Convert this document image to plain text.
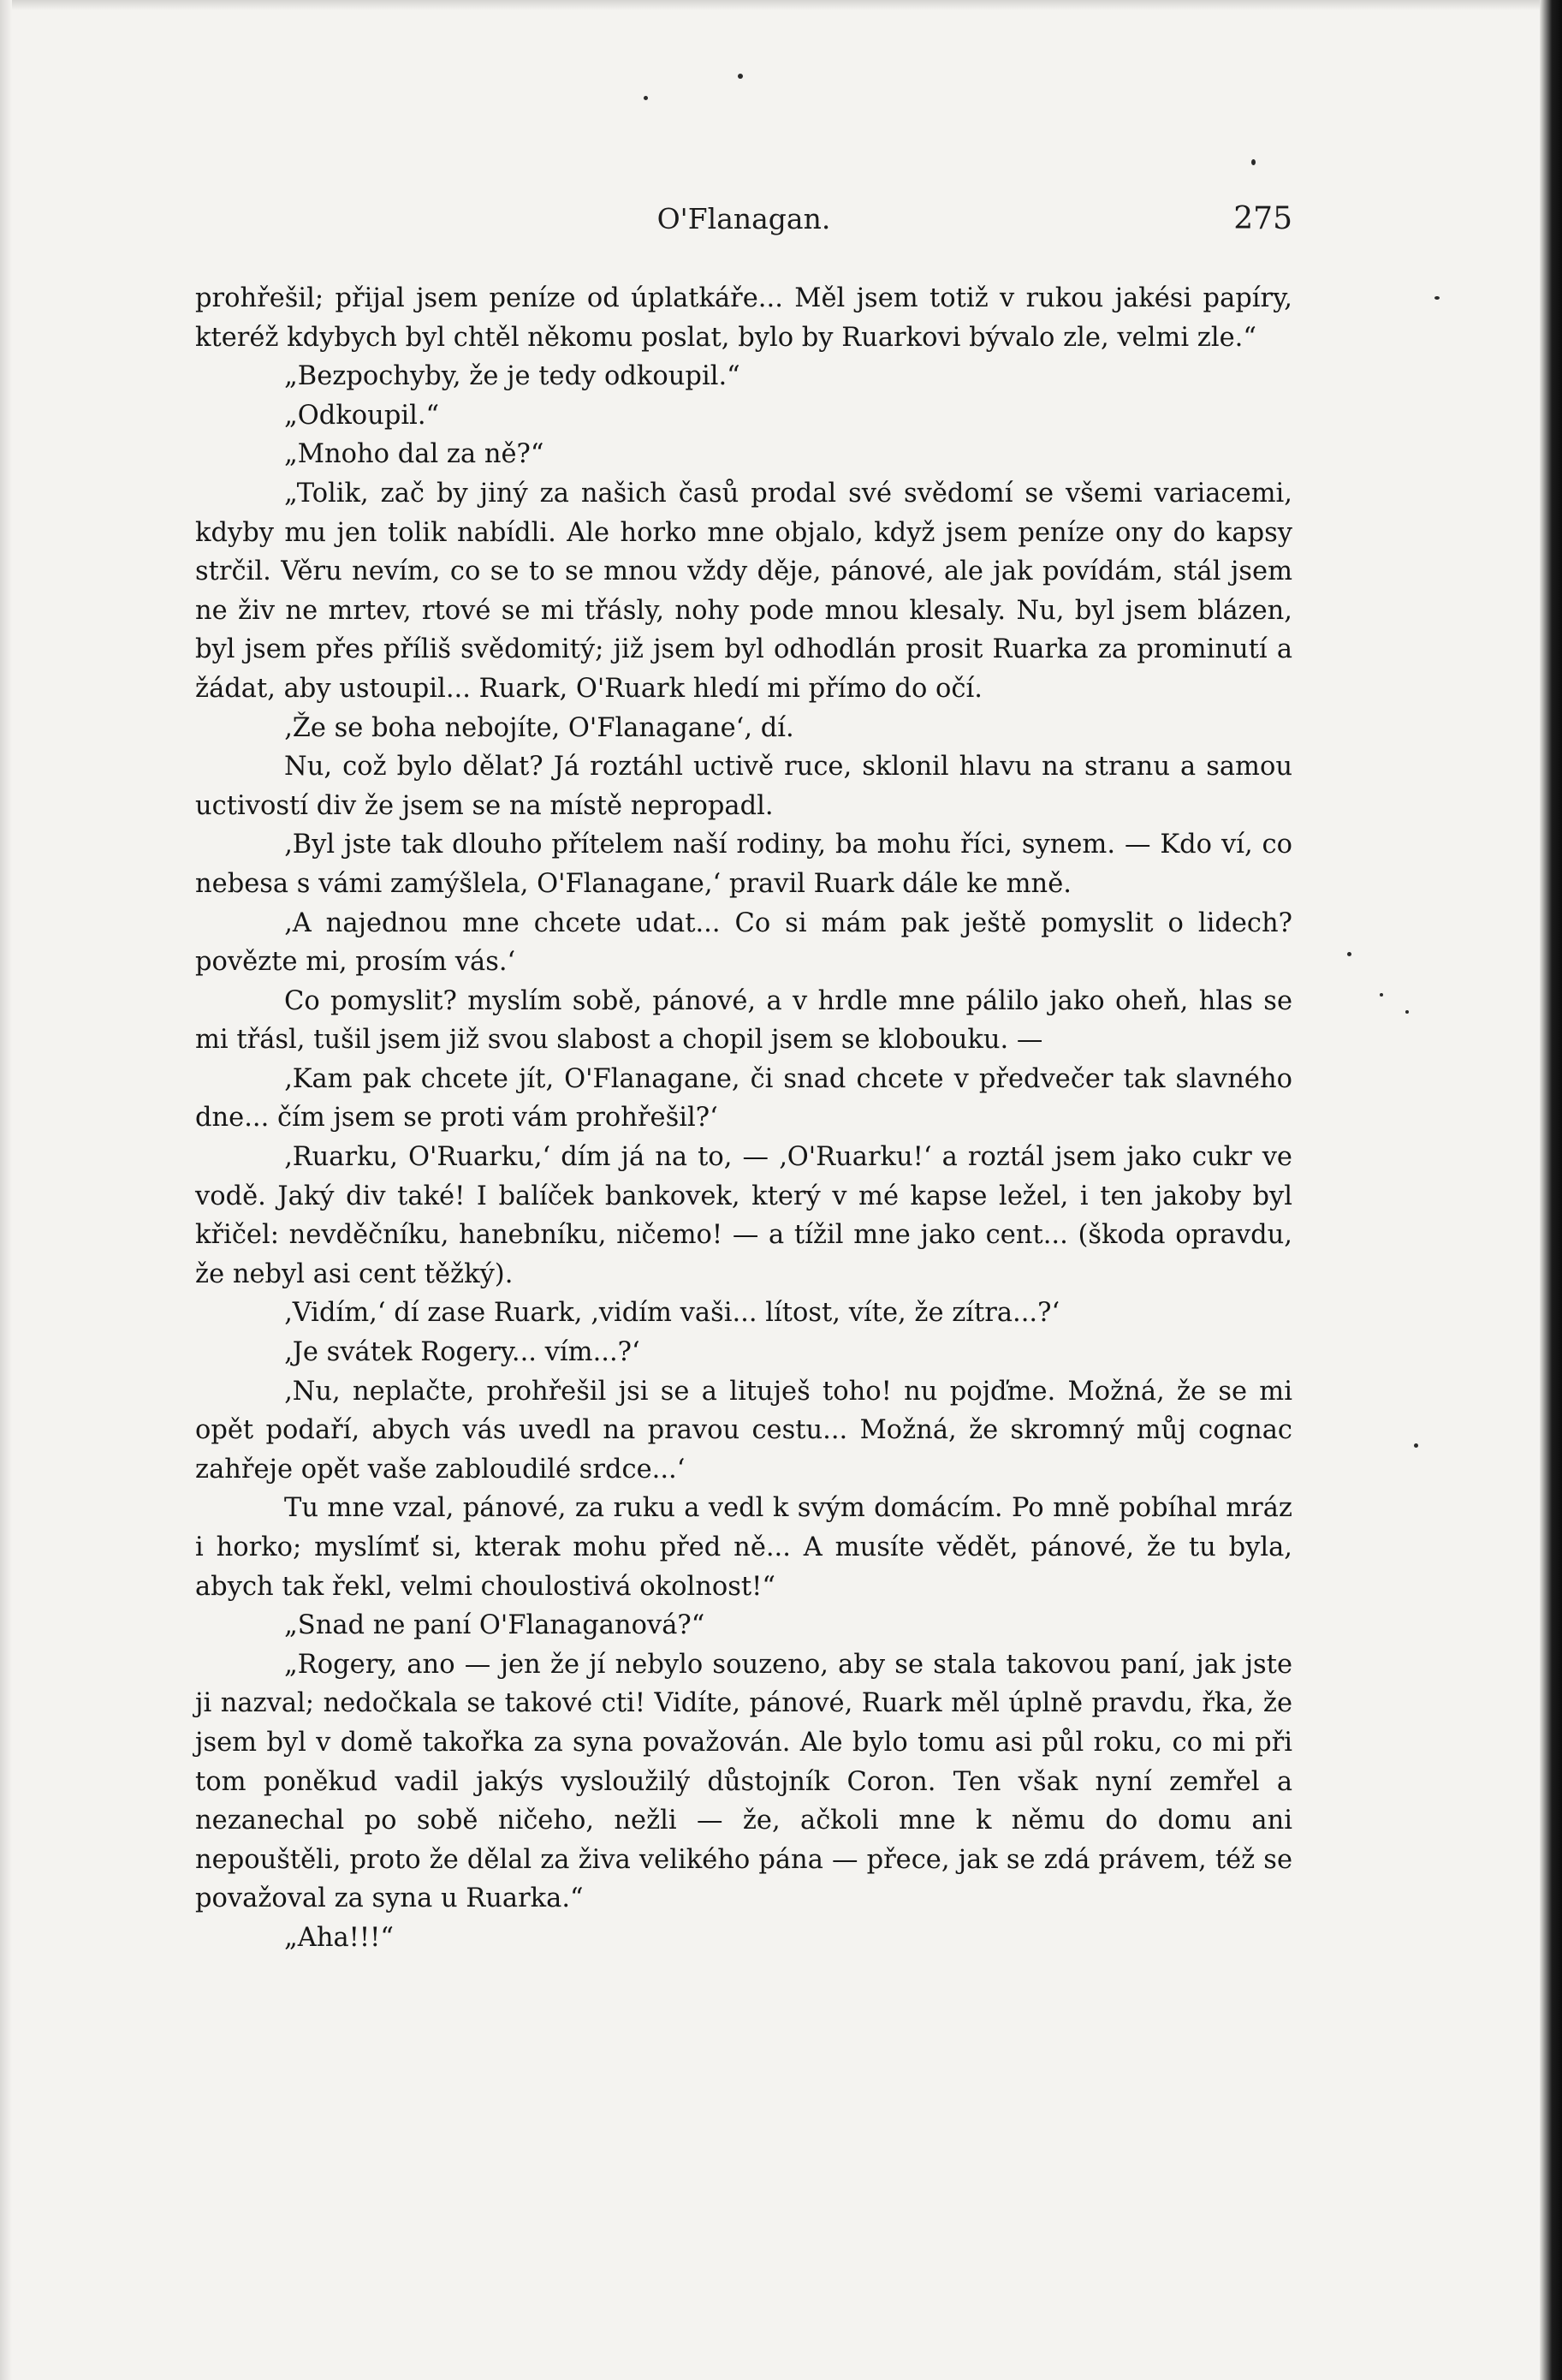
O'Flanagan.	275

prohřešil; přijal jsem peníze od úplatkáře... Měl jsem totiž v rukou jakési papíry, kteréž kdybych byl chtěl někomu poslat, bylo by Ruarkovi bývalo zle, velmi zle.“

„Bezpochyby, že je tedy odkoupil.“

„Odkoupil.“

„Mnoho dal za ně?“

„Tolik, zač by jiný za našich časů prodal své svědomí se všemi variacemi, kdyby mu jen tolik nabídli. Ale horko mne objalo, když jsem peníze ony do kapsy strčil. Věru nevím, co se to se mnou vždy děje, pánové, ale jak povídám, stál jsem ne živ ne mrtev, rtové se mi třásly, nohy pode mnou klesaly. Nu, byl jsem blázen, byl jsem přes příliš svědomitý; již jsem byl odhodlán prosit Ruarka za prominutí a žádat, aby ustoupil... Ruark, O'Ruark hledí mi přímo do očí.

‚Že se boha nebojíte, O'Flanagane‘, dí.

Nu, což bylo dělat? Já roztáhl uctivě ruce, sklonil hlavu na stranu a samou uctivostí div že jsem se na místě nepropadl.

‚Byl jste tak dlouho přítelem naší rodiny, ba mohu říci, synem. — Kdo ví, co nebesa s vámi zamýšlela, O'Flanagane,‘ pravil Ruark dále ke mně.

‚A najednou mne chcete udat... Co si mám pak ještě pomyslit o lidech? povězte mi, prosím vás.‘

Co pomyslit? myslím sobě, pánové, a v hrdle mne pálilo jako oheň, hlas se mi třásl, tušil jsem již svou slabost a chopil jsem se klobouku. —

‚Kam pak chcete jít, O'Flanagane, či snad chcete v předvečer tak slavného dne... čím jsem se proti vám prohřešil?‘

‚Ruarku, O'Ruarku,‘ dím já na to, — ‚O'Ruarku!‘ a roztál jsem jako cukr ve vodě. Jaký div také! I balíček bankovek, který v mé kapse ležel, i ten jakoby byl křičel: nevděčníku, hanebníku, ničemo! — a tížil mne jako cent... (škoda opravdu, že nebyl asi cent těžký).

‚Vidím,‘ dí zase Ruark, ‚vidím vaši... lítost, víte, že zítra...?‘

‚Je svátek Rogery... vím...?‘

‚Nu, neplačte, prohřešil jsi se a lituješ toho! nu pojďme. Možná, že se mi opět podaří, abych vás uvedl na pravou cestu... Možná, že skromný můj cognac zahřeje opět vaše zabloudilé srdce...‘

Tu mne vzal, pánové, za ruku a vedl k svým domácím. Po mně pobíhal mráz i horko; myslímť si, kterak mohu před ně... A musíte vědět, pánové, že tu byla, abych tak řekl, velmi choulostivá okolnost!“

„Snad ne paní O'Flanaganová?“

„Rogery, ano — jen že jí nebylo souzeno, aby se stala takovou paní, jak jste ji nazval; nedočkala se takové cti! Vidíte, pánové, Ruark měl úplně pravdu, řka, že jsem byl v domě takořka za syna považován. Ale bylo tomu asi půl roku, co mi při tom poněkud vadil jakýs vysloužilý důstojník Coron. Ten však nyní zemřel a nezanechal po sobě ničeho, nežli — že, ačkoli mne k němu do domu ani nepouštěli, proto že dělal za živa velikého pána — přece, jak se zdá právem, též se považoval za syna u Ruarka.“

„Aha!!!“
